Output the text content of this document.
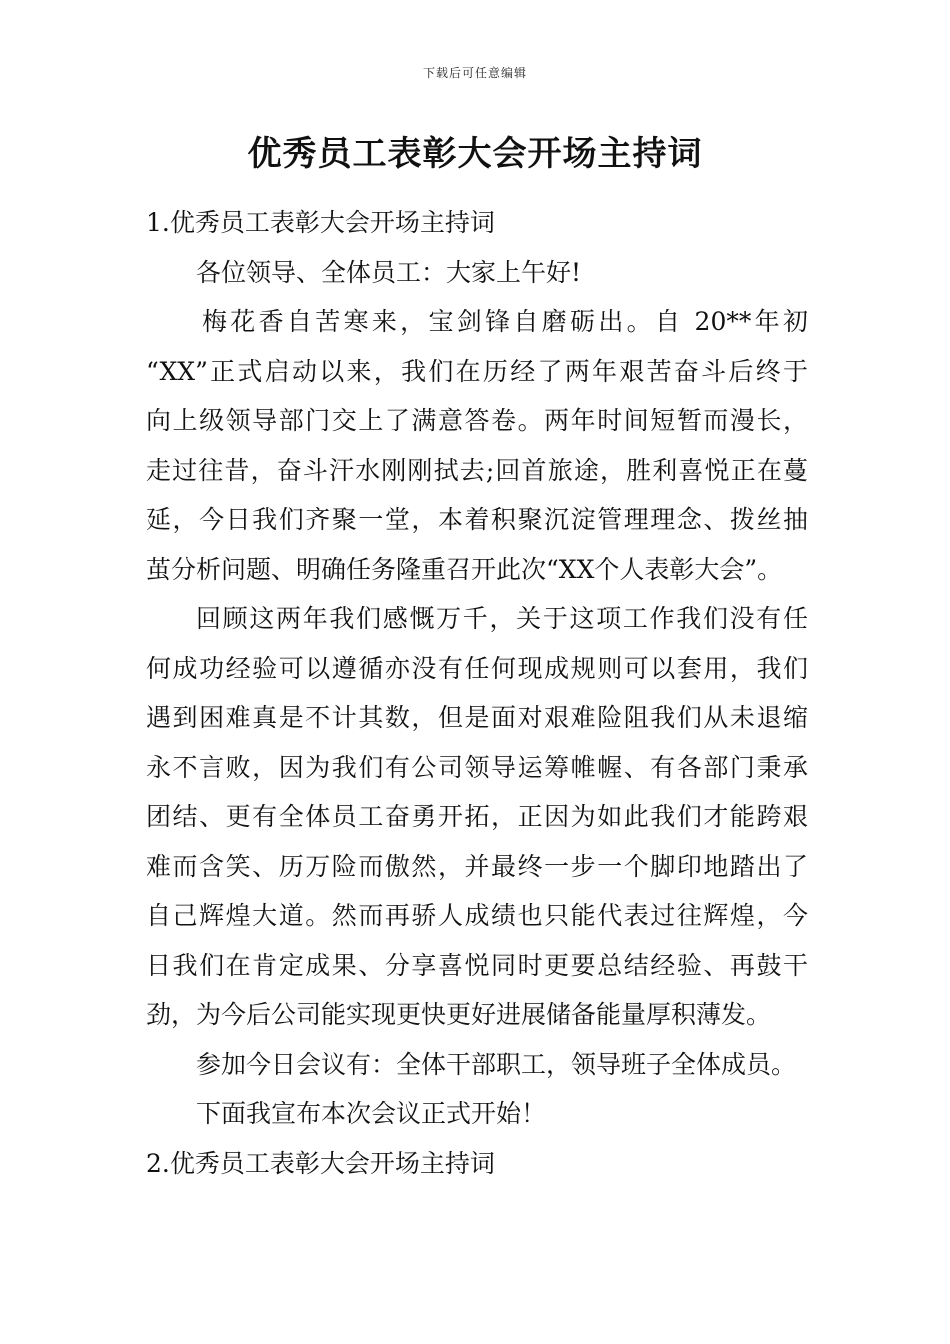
下载后可任意编辑
优秀员工表彰大会开场主持词
1.优秀员工表彰大会开场主持词
各位领导、全体员工：大家上午好!
梅花香自苦寒来，宝剑锋自磨砺出。自 20**年初
“XX”正式启动以来，我们在历经了两年艰苦奋斗后终于
向上级领导部门交上了满意答卷。两年时间短暂而漫长，
走过往昔，奋斗汗水刚刚拭去;回首旅途，胜利喜悦正在蔓
延，今日我们齐聚一堂，本着积聚沉淀管理理念、拨丝抽
茧分析问题、明确任务隆重召开此次“XX个人表彰大会”。
回顾这两年我们感慨万千，关于这项工作我们没有任
何成功经验可以遵循亦没有任何现成规则可以套用，我们
遇到困难真是不计其数，但是面对艰难险阻我们从未退缩
永不言败，因为我们有公司领导运筹帷幄、有各部门秉承
团结、更有全体员工奋勇开拓，正因为如此我们才能跨艰
难而含笑、历万险而傲然，并最终一步一个脚印地踏出了
自己辉煌大道。然而再骄人成绩也只能代表过往辉煌，今
日我们在肯定成果、分享喜悦同时更要总结经验、再鼓干
劲，为今后公司能实现更快更好进展储备能量厚积薄发。
参加今日会议有：全体干部职工，领导班子全体成员。
下面我宣布本次会议正式开始！
2.优秀员工表彰大会开场主持词
